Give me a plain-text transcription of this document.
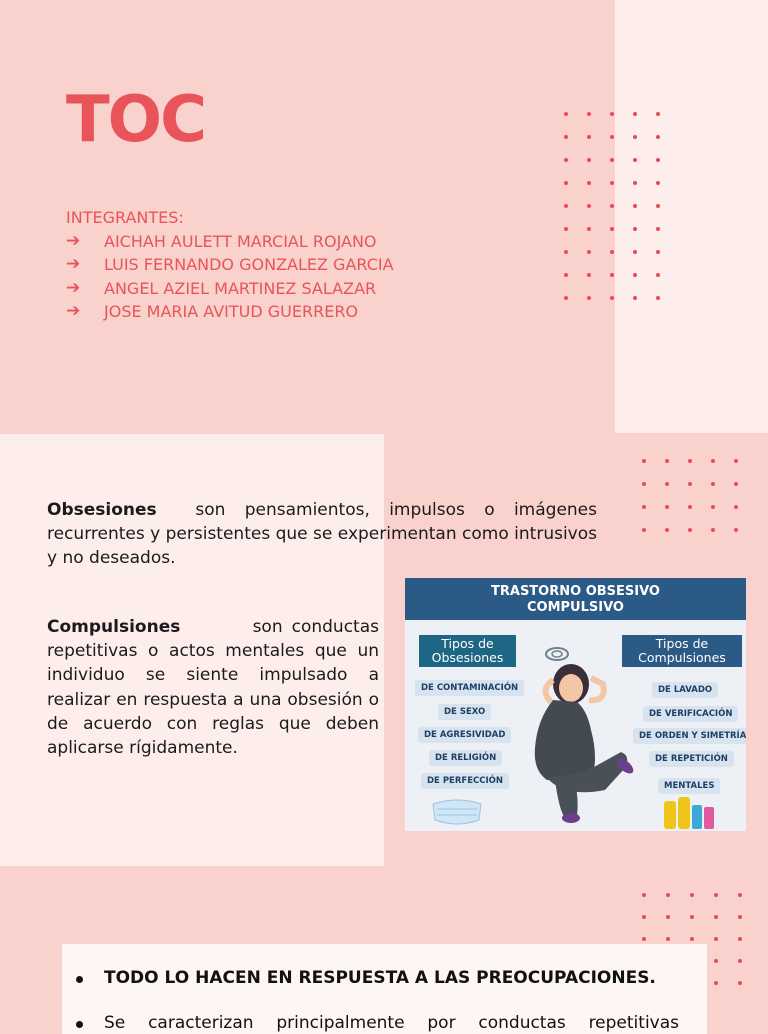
TOC

INTEGRANTES:

➔	AICHAH AULETT MARCIAL ROJANO
➔	LUIS FERNANDO GONZALEZ GARCIA
➔	ANGEL AZIEL MARTINEZ SALAZAR
➔	JOSE MARIA AVITUD GUERRERO

Obsesiones son pensamientos, impulsos o imágenes recurrentes y persistentes que se experimentan como intrusivos y no deseados.

Compulsiones	son conductas repetitivas o actos mentales que un individuo se siente impulsado a realizar en respuesta a una obsesión o de acuerdo con reglas que deben aplicarse rígidamente.

TRASTORNO OBSESIVO
COMPULSIVO
Tipos de
Obsesiones
Tipos de
Compulsiones
DE CONTAMINACIÓN
DE SEXO
DE AGRESIVIDAD
DE RELIGIÓN
DE PERFECCIÓN
DE LAVADO
DE VERIFICACIÓN
DE ORDEN Y SIMETRÍA
DE REPETICIÓN
MENTALES
TODO LO HACEN EN RESPUESTA A LAS PREOCUPACIONES.
Se caracterizan principalmente por conductas repetitivas
